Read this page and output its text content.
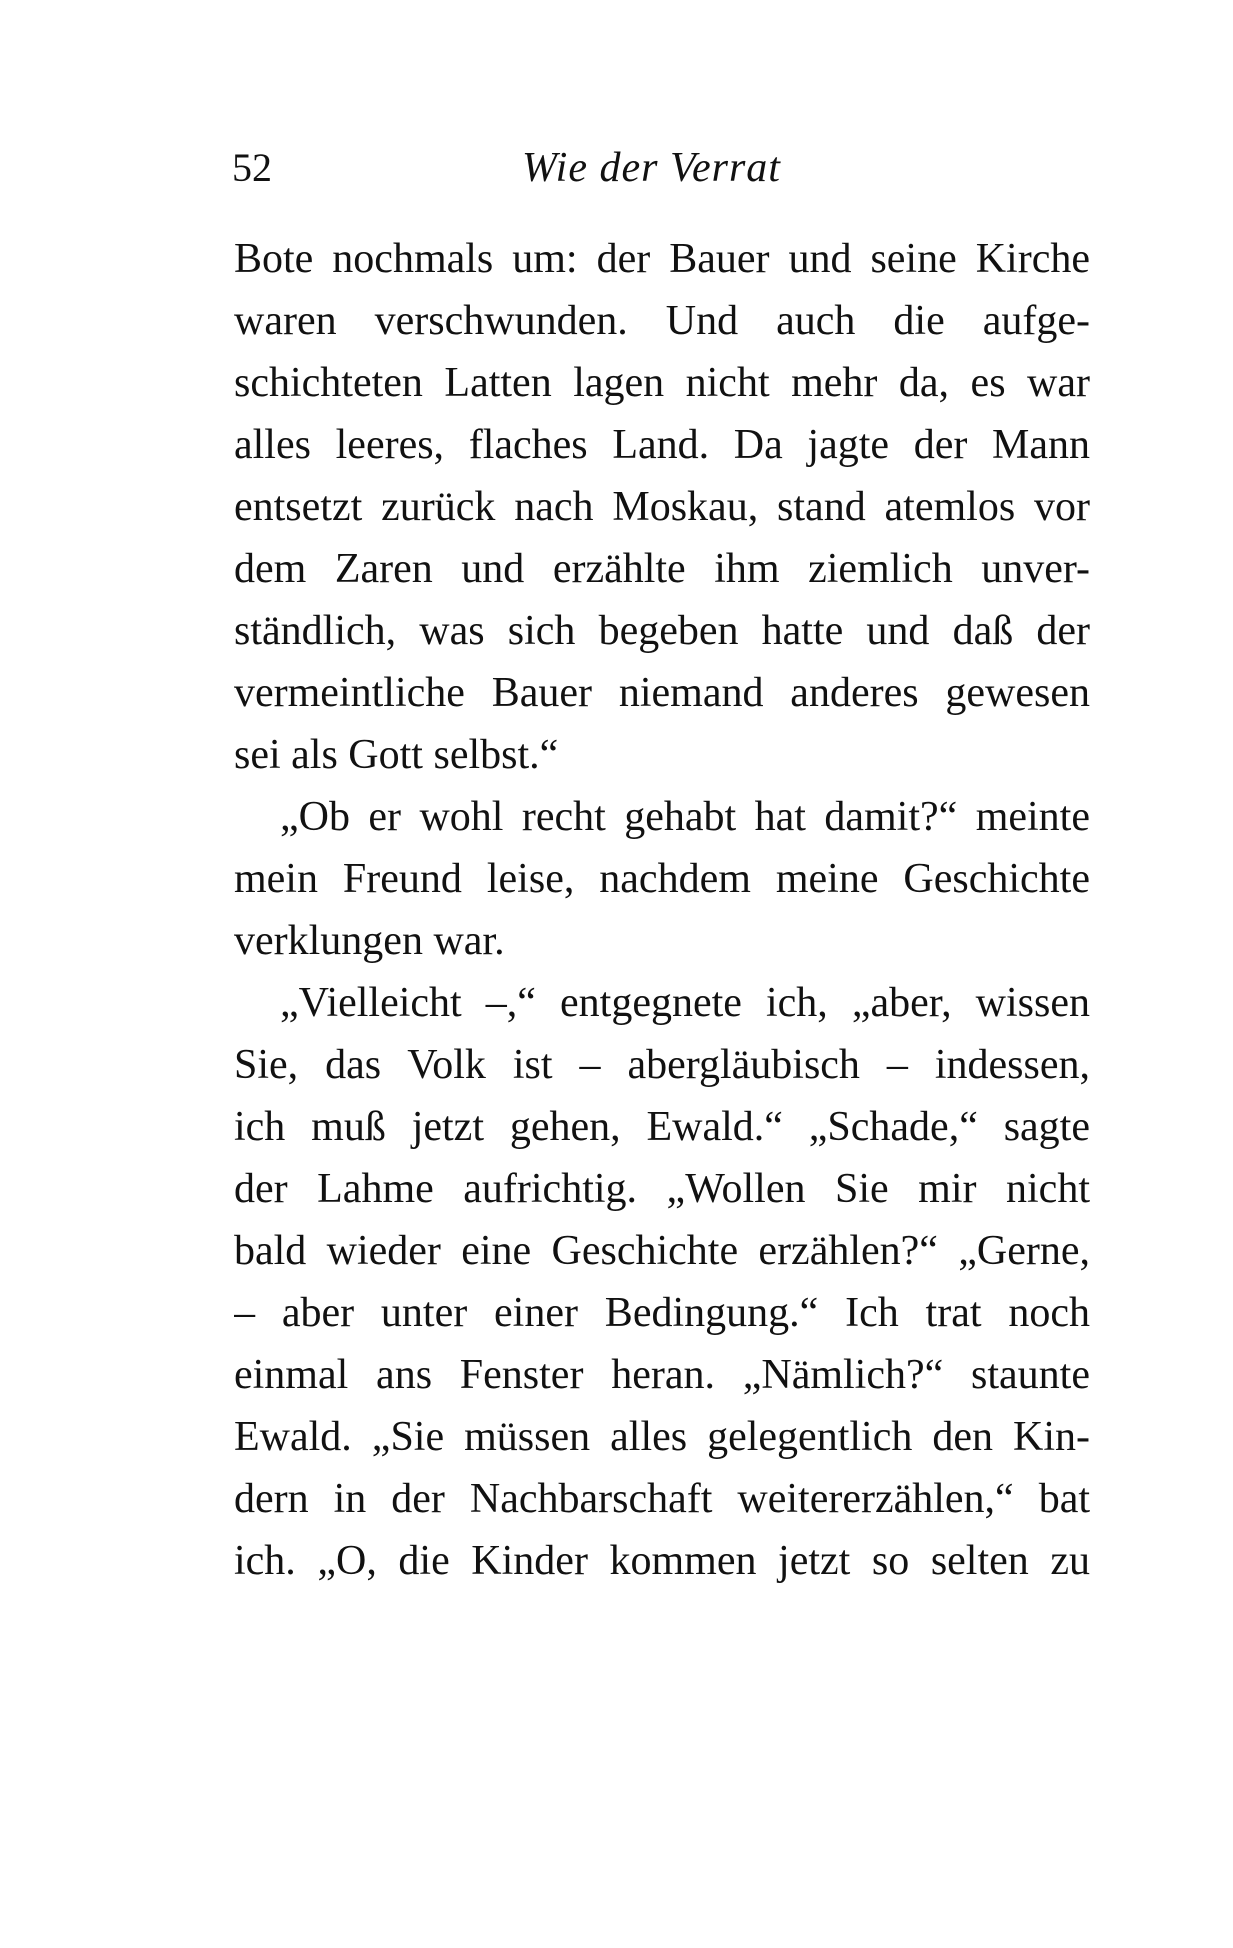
52	Wie der Verrat
Bote nochmals um: der Bauer und seine Kirche
waren verschwunden. Und auch die aufge-
schichteten Latten lagen nicht mehr da, es war
alles leeres, flaches Land. Da jagte der Mann
entsetzt zurück nach Moskau, stand atemlos vor
dem Zaren und erzählte ihm ziemlich unver-
ständlich, was sich begeben hatte und daß der
vermeintliche Bauer niemand anderes gewesen
sei als Gott selbst.“
„Ob er wohl recht gehabt hat damit?“ meinte
mein Freund leise, nachdem meine Geschichte
verklungen war.
„Vielleicht –,“ entgegnete ich, „aber, wissen
Sie, das Volk ist – abergläubisch – indessen,
ich muß jetzt gehen, Ewald.“ „Schade,“ sagte
der Lahme aufrichtig. „Wollen Sie mir nicht
bald wieder eine Geschichte erzählen?“ „Gerne,
– aber unter einer Bedingung.“ Ich trat noch
einmal ans Fenster heran. „Nämlich?“ staunte
Ewald. „Sie müssen alles gelegentlich den Kin-
dern in der Nachbarschaft weitererzählen,“ bat
ich. „O, die Kinder kommen jetzt so selten zu
